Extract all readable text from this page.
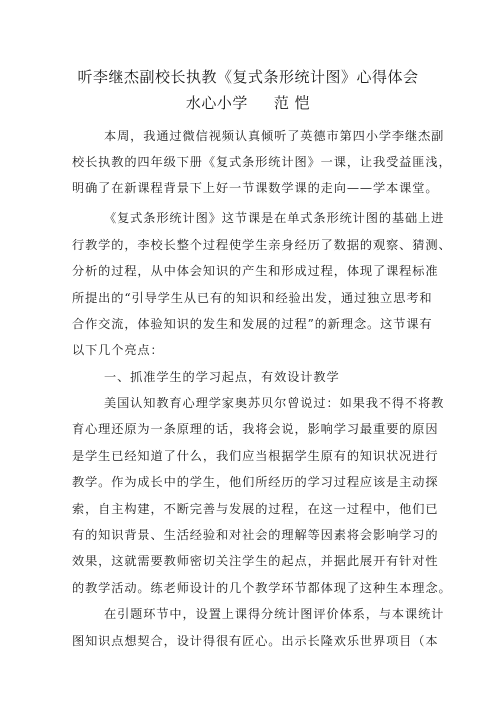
听李继杰副校长执教《复式条形统计图》心得体会
水心小学 范 恺
本周，我通过微信视频认真倾听了英德市第四小学李继杰副
校长执教的四年级下册《复式条形统计图》一课，让我受益匪浅，
明确了在新课程背景下上好一节课数学课的走向——学本课堂。
《复式条形统计图》这节课是在单式条形统计图的基础上进
行教学的，李校长整个过程使学生亲身经历了数据的观察、猜测、
分析的过程，从中体会知识的产生和形成过程，体现了课程标准
所提出的“引导学生从已有的知识和经验出发，通过独立思考和
合作交流，体验知识的发生和发展的过程”的新理念。这节课有
以下几个亮点：
一、抓准学生的学习起点，有效设计教学
美国认知教育心理学家奥苏贝尔曾说过：如果我不得不将教
育心理还原为一条原理的话，我将会说，影响学习最重要的原因
是学生已经知道了什么，我们应当根据学生原有的知识状况进行
教学。作为成长中的学生，他们所经历的学习过程应该是主动探
索，自主构建，不断完善与发展的过程，在这一过程中，他们已
有的知识背景、生活经验和对社会的理解等因素将会影响学习的
效果，这就需要教师密切关注学生的起点，并据此展开有针对性
的教学活动。练老师设计的几个教学环节都体现了这种生本理念。
在引题环节中，设置上课得分统计图评价体系，与本课统计
图知识点想契合，设计得很有匠心。出示长隆欢乐世界项目（本
